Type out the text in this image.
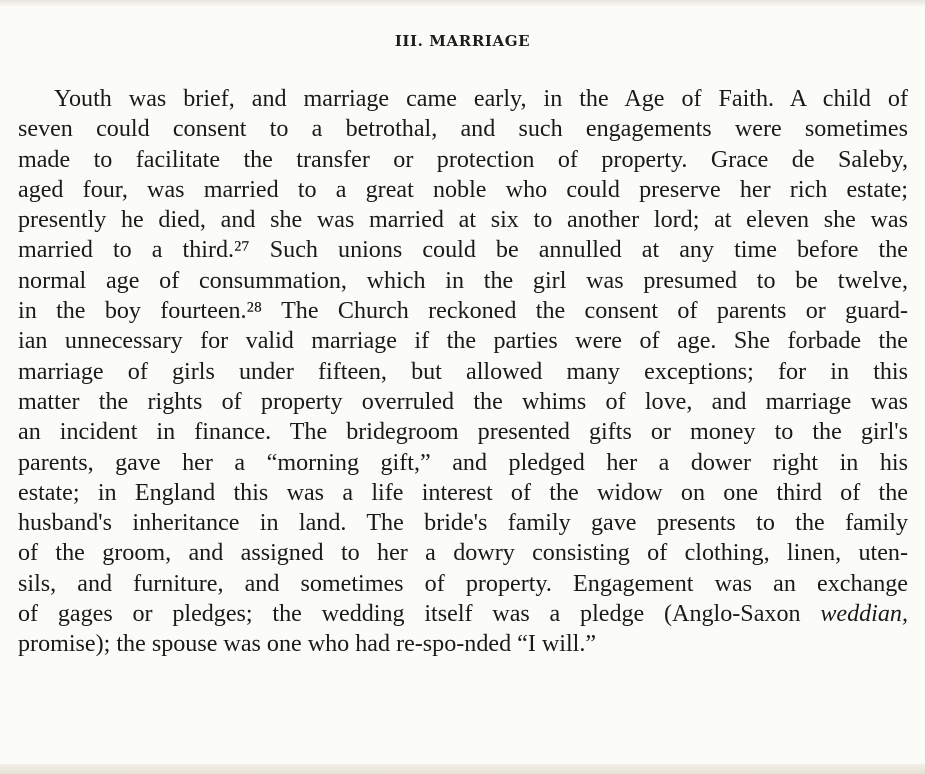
III. MARRIAGE
Youth was brief, and marriage came early, in the Age of Faith. A child of
seven could consent to a betrothal, and such engagements were sometimes
made to facilitate the transfer or protection of property. Grace de Saleby,
aged four, was married to a great noble who could preserve her rich estate;
presently he died, and she was married at six to another lord; at eleven she was
married to a third.²⁷ Such unions could be annulled at any time before the
normal age of consummation, which in the girl was presumed to be twelve,
in the boy fourteen.²⁸ The Church reckoned the consent of parents or guard-
ian unnecessary for valid marriage if the parties were of age. She forbade the
marriage of girls under fifteen, but allowed many exceptions; for in this
matter the rights of property overruled the whims of love, and marriage was
an incident in finance. The bridegroom presented gifts or money to the girl's
parents, gave her a “morning gift,” and pledged her a dower right in his
estate; in England this was a life interest of the widow on one third of the
husband's inheritance in land. The bride's family gave presents to the family
of the groom, and assigned to her a dowry consisting of clothing, linen, uten-
sils, and furniture, and sometimes of property. Engagement was an exchange
of gages or pledges; the wedding itself was a pledge (Anglo-Saxon weddian,
promise); the spouse was one who had re-spo-nded “I will.”
